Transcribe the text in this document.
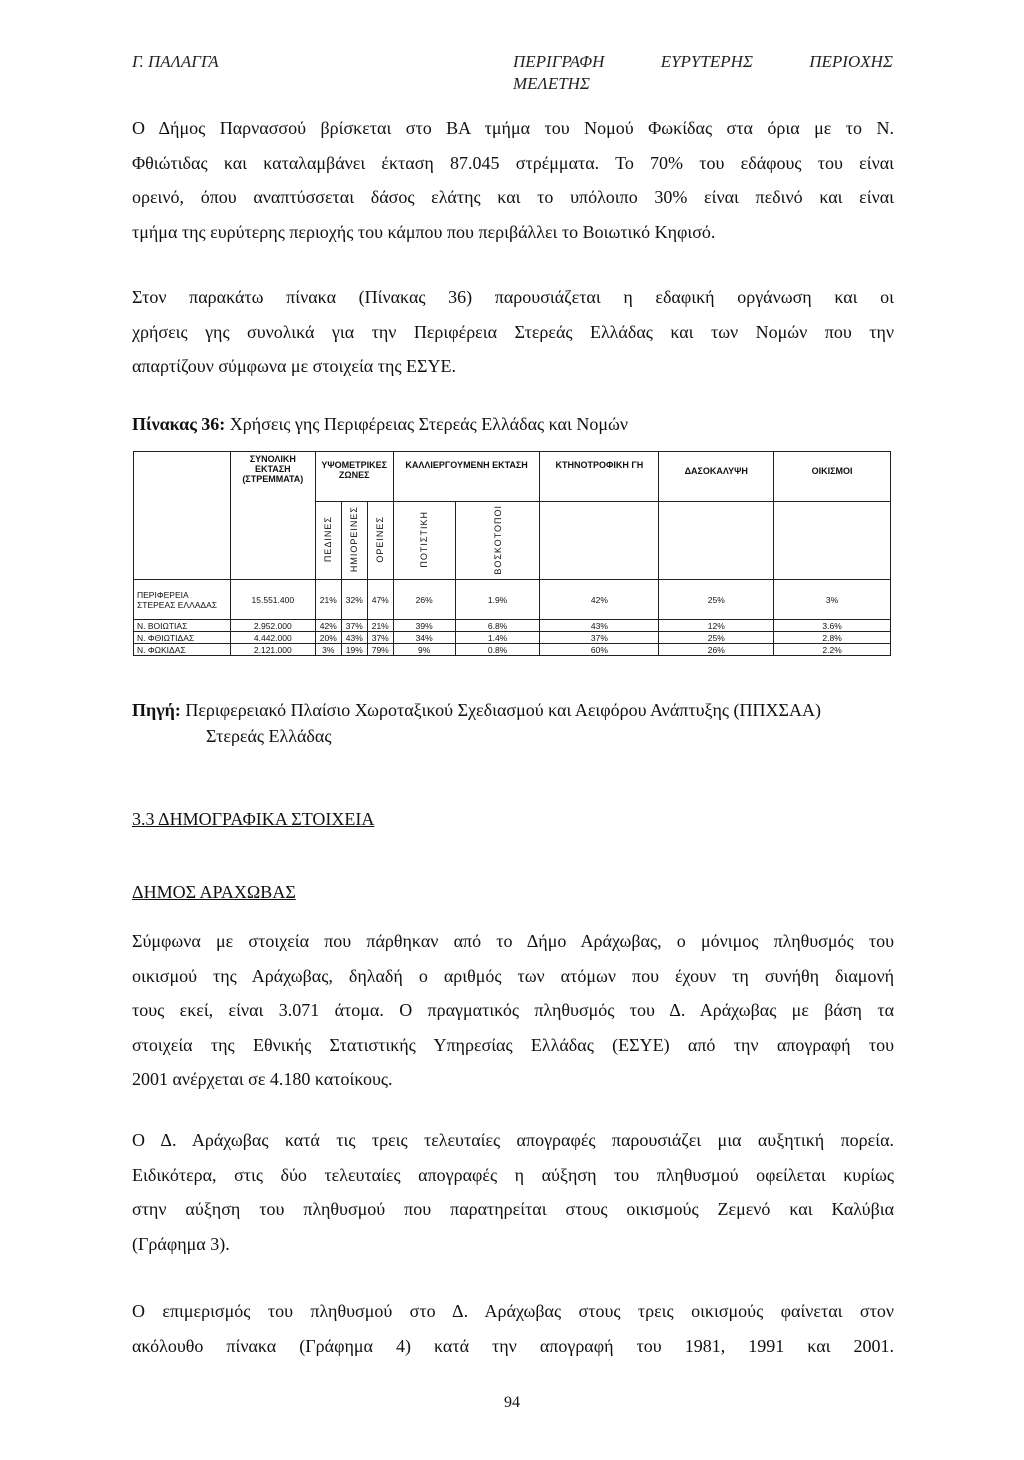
Γ. ΠΑΛΑΓΓΑ	ΠΕΡΙΓΡΑΦΗ ΕΥΡΥΤΕΡΗΣ ΠΕΡΙΟΧΗΣ
ΜΕΛΕΤΗΣ
Ο Δήμος Παρνασσού βρίσκεται στο ΒΑ τμήμα του Νομού Φωκίδας στα όρια με το Ν.
Φθιώτιδας και καταλαμβάνει έκταση 87.045 στρέμματα. Το 70% του εδάφους του είναι
ορεινό, όπου αναπτύσσεται δάσος ελάτης και το υπόλοιπο 30% είναι πεδινό και είναι
τμήμα της ευρύτερης περιοχής του κάμπου που περιβάλλει το Βοιωτικό Κηφισό.
Στον παρακάτω πίνακα (Πίνακας 36) παρουσιάζεται η εδαφική οργάνωση και οι
χρήσεις γης συνολικά για την Περιφέρεια Στερεάς Ελλάδας και των Νομών που την
απαρτίζουν σύμφωνα με στοιχεία της ΕΣΥΕ.
Πίνακας 36: Χρήσεις γης Περιφέρειας Στερεάς Ελλάδας και Νομών
	ΣΥΝΟΛΙΚΗ ΕΚΤΑΣΗ (ΣΤΡΕΜΜΑΤΑ)	ΥΨΟΜΕΤΡΙΚΕΣ ΖΩΝΕΣ			ΚΑΛΛΙΕΡΓΟΥΜΕΝΗ ΕΚΤΑΣΗ		ΚΤΗΝΟΤΡΟΦΙΚΗ ΓΗ	ΔΑΣΟΚΑΛΥΨΗ	ΟΙΚΙΣΜΟΙ
		ΠΕΔΙΝΕΣ	ΗΜΙΟΡΕΙΝΕΣ	ΟΡΕΙΝΕΣ	ΠΟΤΙΣΤΙΚΗ	ΒΟΣΚΟΤΟΠΟΙ			
ΠΕΡΙΦΕΡΕΙΑ ΣΤΕΡΕΑΣ ΕΛΛΑΔΑΣ	15.551.400	21%	32%	47%	26%	1.9%	42%	25%	3%
Ν. ΒΟΙΩΤΙΑΣ	2.952.000	42%	37%	21%	39%	6.8%	43%	12%	3.6%
Ν. ΦΘΙΩΤΙΔΑΣ	4.442.000	20%	43%	37%	34%	1.4%	37%	25%	2.8%
Ν. ΦΩΚΙΔΑΣ	2.121.000	3%	19%	79%	9%	0.8%	60%	26%	2.2%
Πηγή: Περιφερειακό Πλαίσιο Χωροταξικού Σχεδιασμού και Αειφόρου Ανάπτυξης (ΠΠΧΣΑΑ)
Στερεάς Ελλάδας
3.3 ΔΗΜΟΓΡΑΦΙΚΑ ΣΤΟΙΧΕΙΑ
ΔΗΜΟΣ ΑΡΑΧΩΒΑΣ
Σύμφωνα με στοιχεία που πάρθηκαν από το Δήμο Αράχωβας, ο μόνιμος πληθυσμός του
οικισμού της Αράχωβας, δηλαδή ο αριθμός των ατόμων που έχουν τη συνήθη διαμονή
τους εκεί, είναι 3.071 άτομα. Ο πραγματικός πληθυσμός του Δ. Αράχωβας με βάση τα
στοιχεία της Εθνικής Στατιστικής Υπηρεσίας Ελλάδας (ΕΣΥΕ) από την απογραφή του
2001 ανέρχεται σε 4.180 κατοίκους.
Ο Δ. Αράχωβας κατά τις τρεις τελευταίες απογραφές παρουσιάζει μια αυξητική πορεία.
Ειδικότερα, στις δύο τελευταίες απογραφές η αύξηση του πληθυσμού οφείλεται κυρίως
στην αύξηση του πληθυσμού που παρατηρείται στους οικισμούς Ζεμενό και Καλύβια
(Γράφημα 3).
Ο επιμερισμός του πληθυσμού στο Δ. Αράχωβας στους τρεις οικισμούς φαίνεται στον
ακόλουθο πίνακα (Γράφημα 4) κατά την απογραφή του 1981, 1991 και 2001.
94
